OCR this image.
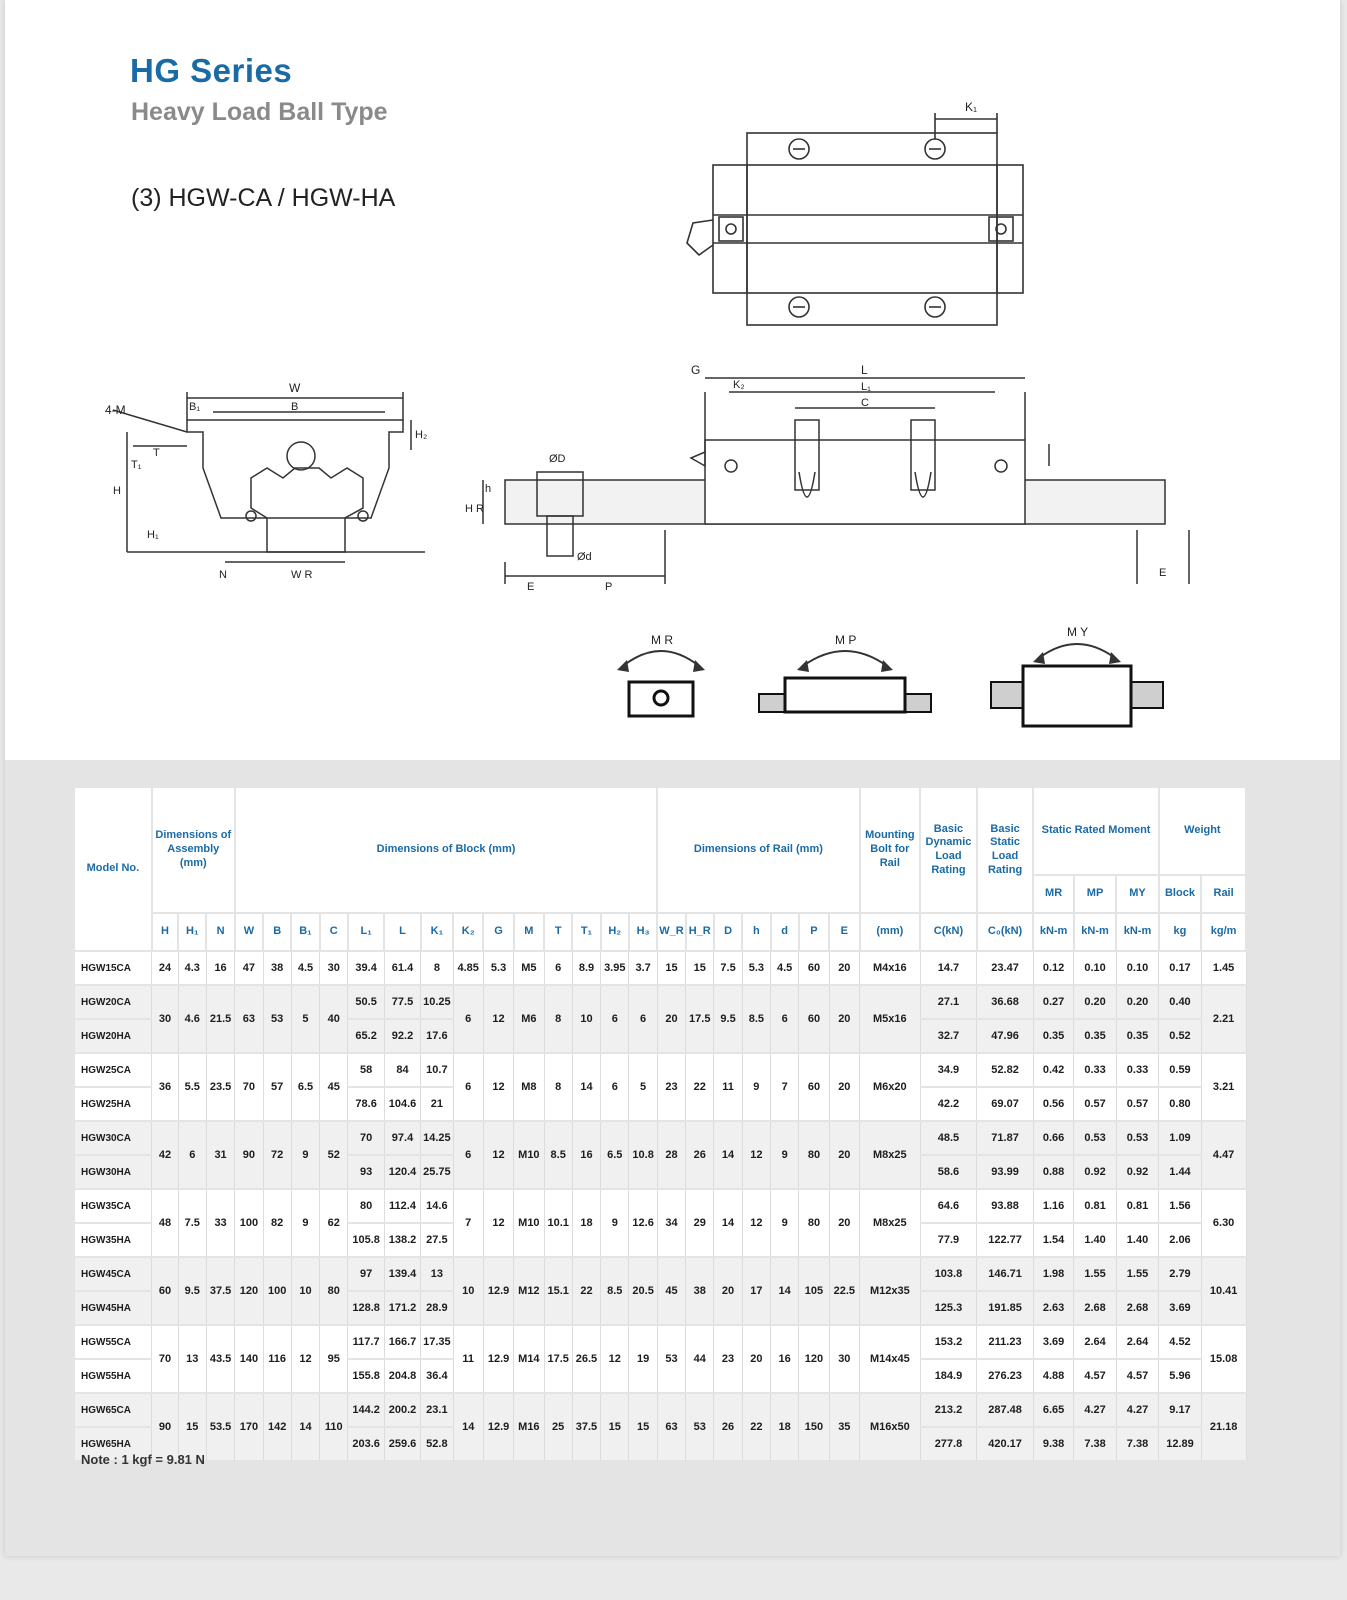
HG Series
Heavy Load Ball Type
(3) HGW-CA / HGW-HA
K₁
W
4-M	B₁	B
H₂
T
T₁
H
H₁
N	W R
G	L
K₂	L₁
C
ØD
h
H R
Ød
E	P
E
M R	M P
M Y
Model No.	Dimensions of Assembly (mm)			Dimensions of Block (mm)														Dimensions of Rail (mm)							Mounting Bolt for Rail	Basic Dynamic Load Rating	Basic Static Load Rating	Static Rated Moment			Weight	
																												MR	MP	MY	Block	Rail
	H	H₁	N	W	B	B₁	C	L₁	L	K₁	K₂	G	M	T	T₁	H₂	H₃	W_R	H_R	D	h	d	P	E	(mm)	C(kN)	C₀(kN)	kN-m	kN-m	kN-m	kg	kg/m
HGW15CA	24	4.3	16	47	38	4.5	30	39.4	61.4	8	4.85	5.3	M5	6	8.9	3.95	3.7	15	15	7.5	5.3	4.5	60	20	M4x16	14.7	23.47	0.12	0.10	0.10	0.17	1.45
HGW20CA	30	4.6	21.5	63	53	5	40	50.5	77.5	10.25	6	12	M6	8	10	6	6	20	17.5	9.5	8.5	6	60	20	M5x16	27.1	36.68	0.27	0.20	0.20	0.40	2.21
HGW20HA								65.2	92.2	17.6																32.7	47.96	0.35	0.35	0.35	0.52	
HGW25CA	36	5.5	23.5	70	57	6.5	45	58	84	10.7	6	12	M8	8	14	6	5	23	22	11	9	7	60	20	M6x20	34.9	52.82	0.42	0.33	0.33	0.59	3.21
HGW25HA								78.6	104.6	21																42.2	69.07	0.56	0.57	0.57	0.80	
HGW30CA	42	6	31	90	72	9	52	70	97.4	14.25	6	12	M10	8.5	16	6.5	10.8	28	26	14	12	9	80	20	M8x25	48.5	71.87	0.66	0.53	0.53	1.09	4.47
HGW30HA								93	120.4	25.75																58.6	93.99	0.88	0.92	0.92	1.44	
HGW35CA	48	7.5	33	100	82	9	62	80	112.4	14.6	7	12	M10	10.1	18	9	12.6	34	29	14	12	9	80	20	M8x25	64.6	93.88	1.16	0.81	0.81	1.56	6.30
HGW35HA								105.8	138.2	27.5																77.9	122.77	1.54	1.40	1.40	2.06	
HGW45CA	60	9.5	37.5	120	100	10	80	97	139.4	13	10	12.9	M12	15.1	22	8.5	20.5	45	38	20	17	14	105	22.5	M12x35	103.8	146.71	1.98	1.55	1.55	2.79	10.41
HGW45HA								128.8	171.2	28.9																125.3	191.85	2.63	2.68	2.68	3.69	
HGW55CA	70	13	43.5	140	116	12	95	117.7	166.7	17.35	11	12.9	M14	17.5	26.5	12	19	53	44	23	20	16	120	30	M14x45	153.2	211.23	3.69	2.64	2.64	4.52	15.08
HGW55HA								155.8	204.8	36.4																184.9	276.23	4.88	4.57	4.57	5.96	
HGW65CA	90	15	53.5	170	142	14	110	144.2	200.2	23.1	14	12.9	M16	25	37.5	15	15	63	53	26	22	18	150	35	M16x50	213.2	287.48	6.65	4.27	4.27	9.17	21.18
HGW65HA								203.6	259.6	52.8																277.8	420.17	9.38	7.38	7.38	12.89	
Note : 1 kgf = 9.81 N
